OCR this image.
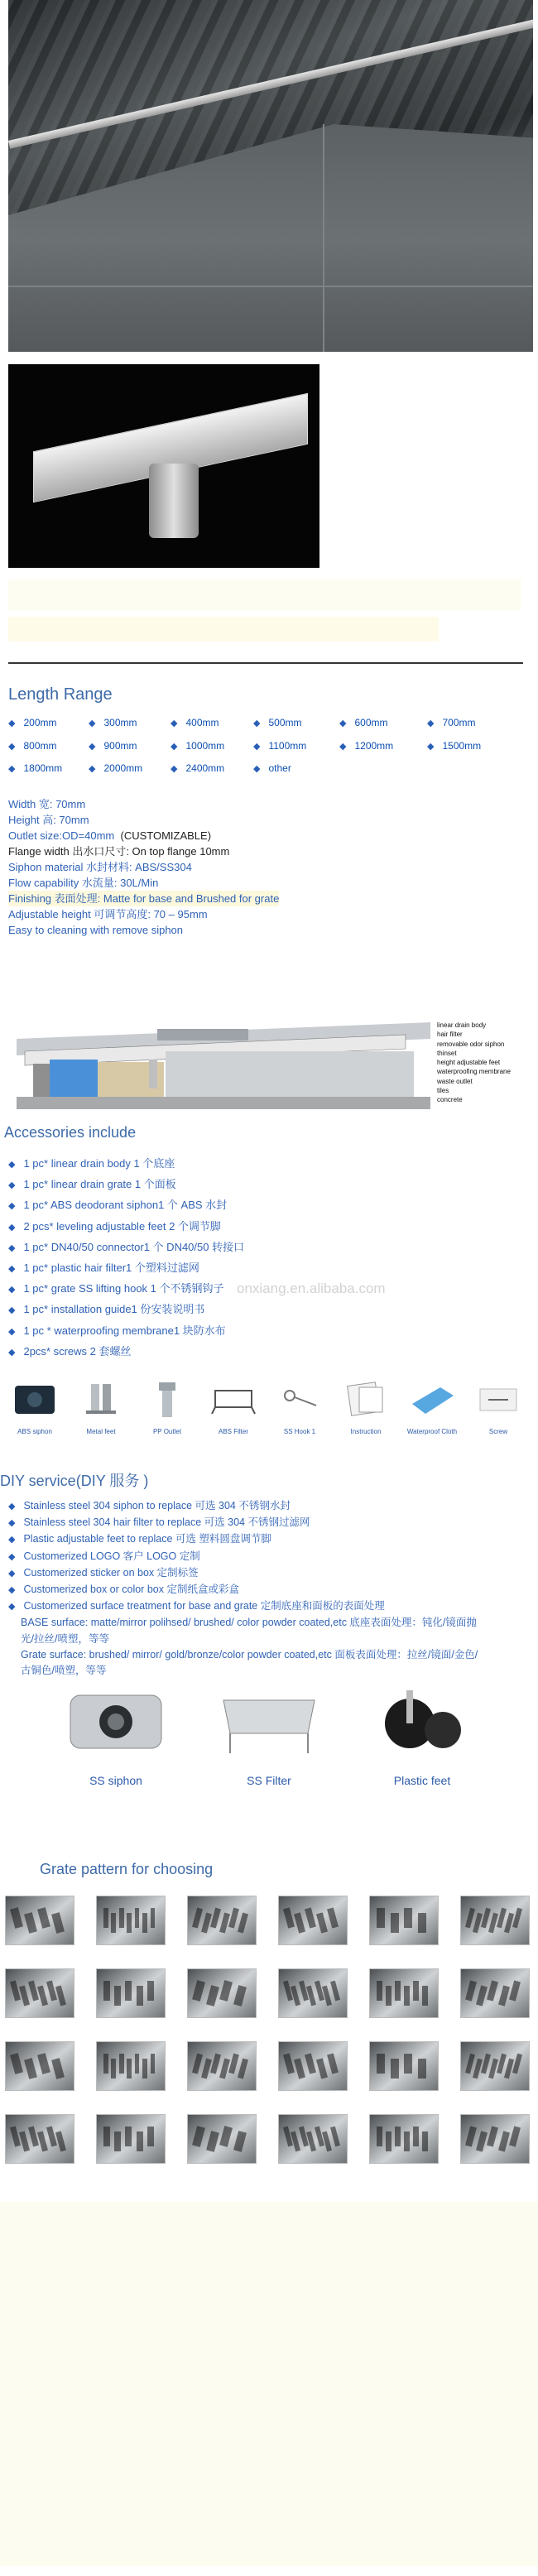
Length Range
◆ 200mm	◆ 300mm	◆ 400mm	◆ 500mm	◆ 600mm	◆ 700mm
◆ 800mm	◆ 900mm	◆ 1000mm	◆ 1100mm	◆ 1200mm	◆ 1500mm
◆ 1800mm	◆ 2000mm	◆ 2400mm	◆ other
Width 宽: 70mm
Height 高: 70mm
Outlet size:OD=40mm (CUSTOMIZABLE)
Flange width 出水口尺寸: On top flange 10mm
Siphon material 水封材料: ABS/SS304
Flow capability 水流量: 30L/Min
Finishing 表面处理: Matte for base and Brushed for grate
Adjustable height 可调节高度: 70 – 95mm
Easy to cleaning with remove siphon
linear drain body
hair filter
removable odor siphon
thinset
height adjustable feet
waterproofing membrane
waste outlet
tiles
concrete
Accessories include
◆ 1 pc* linear drain body 1 个底座
◆ 1 pc* linear drain grate 1 个面板
◆ 1 pc* ABS deodorant siphon1 个 ABS 水封
◆ 2 pcs* leveling adjustable feet 2 个调节脚
◆ 1 pc* DN40/50 connector1 个 DN40/50 转接口
◆ 1 pc* plastic hair filter1 个塑料过滤网
◆ 1 pc* grate SS lifting hook 1 个不锈钢钩子
◆ 1 pc* installation guide1 份安装说明书
◆ 1 pc * waterproofing membrane1 块防水布
◆ 2pcs* screws 2 套螺丝
onxiang.en.alibaba.com
ABS siphon	Metal feet	PP Outlet	ABS Filter	SS Hook 1	Instruction	Waterproof Cloth	Screw
DIY service(DIY 服务 )
◆ Stainless steel 304 siphon to replace 可选 304 不锈钢水封
◆ Stainless steel 304 hair filter to replace 可选 304 不锈钢过滤网
◆ Plastic adjustable feet to replace 可选 塑料圆盘调节脚
◆ Customerized LOGO 客户 LOGO 定制
◆ Customerized sticker on box 定制标签
◆ Customerized box or color box 定制纸盒或彩盒
◆ Customerized surface treatment for base and grate 定制底座和面板的表面处理
BASE surface: matte/mirror polihsed/ brushed/ color powder coated,etc 底座表面处理：钝化/镜面抛
光/拉丝/喷塑，等等
Grate surface: brushed/ mirror/ gold/bronze/color powder coated,etc 面板表面处理：拉丝/镜面/金色/
古铜色/喷塑，等等
SS siphon	SS Filter	Plastic feet
Grate pattern for choosing
